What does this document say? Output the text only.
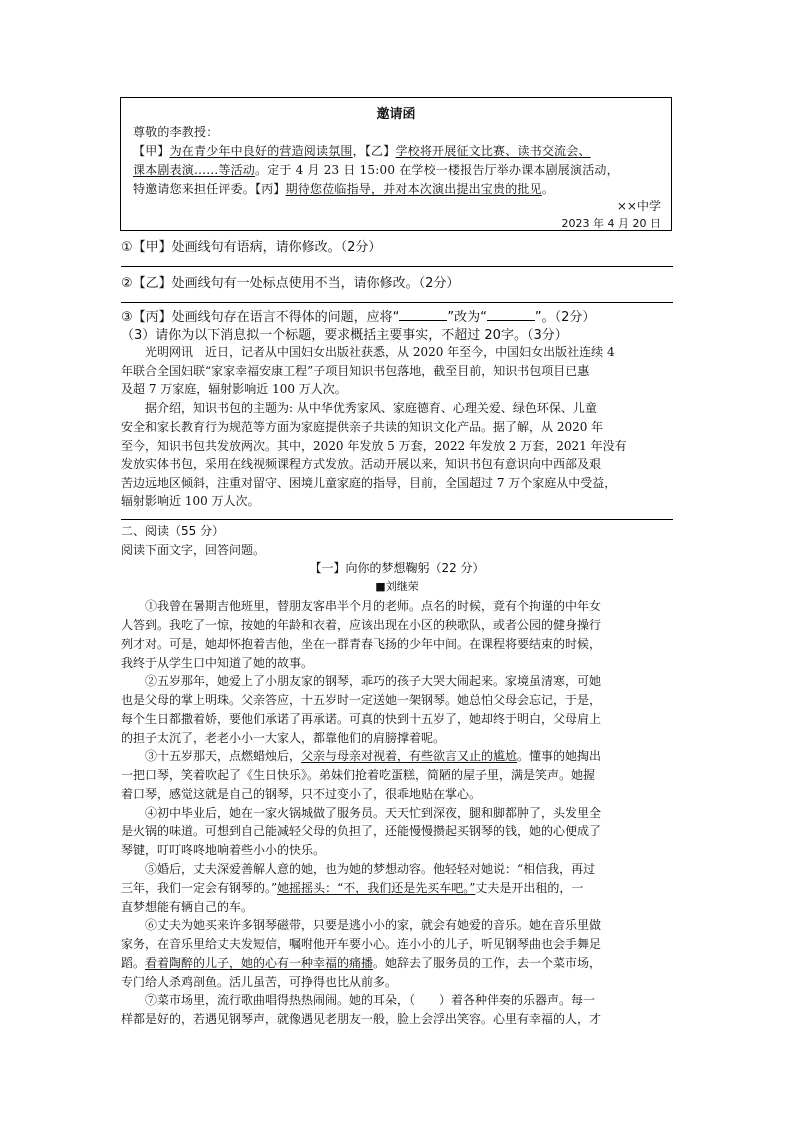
邀请函
尊敬的李教授：
【甲】为在青少年中良好的营造阅读氛围，【乙】学校将开展征文比赛、读书交流会、
课本剧表演……等活动。定于 4 月 23 日 15:00 在学校一楼报告厅举办课本剧展演活动，
特邀请您来担任评委。【丙】期待您莅临指导，并对本次演出提出宝贵的批见。
××中学
2023 年 4 月 20 日
①【甲】处画线句有语病，请你修改。（2分）
②【乙】处画线句有一处标点使用不当，请你修改。（2分）
③【丙】处画线句存在语言不得体的问题，应将“	”改为“	”。（2分）
（3）请你为以下消息拟一个标题，要求概括主要事实，不超过 20字。（3分）
光明网讯　近日，记者从中国妇女出版社获悉，从 2020 年至今，中国妇女出版社连续 4
年联合全国妇联“家家幸福安康工程”子项目知识书包落地，截至目前，知识书包项目已惠
及超 7 万家庭，辐射影响近 100 万人次。
据介绍，知识书包的主题为: 从中华优秀家风、家庭德育、心理关爱、绿色环保、儿童
安全和家长教育行为规范等方面为家庭提供亲子共读的知识文化产品。据了解，从 2020 年
至今，知识书包共发放两次。其中，2020 年发放 5 万套，2022 年发放 2 万套，2021 年没有
发放实体书包，采用在线视频课程方式发放。活动开展以来，知识书包有意识向中西部及艰
苦边远地区倾斜，注重对留守、困境儿童家庭的指导，目前，全国超过 7 万个家庭从中受益，
辐射影响近 100 万人次。
二、阅读（55 分）
阅读下面文字，回答问题。
【一】向你的梦想鞠躬（22 分）
■刘继荣
①我曾在暑期吉他班里，替朋友客串半个月的老师。点名的时候，竟有个拘谨的中年女
人答到。我吃了一惊，按她的年龄和衣着，应该出现在小区的秧歌队，或者公园的健身操行
列才对。可是，她却怀抱着吉他，坐在一群青春飞扬的少年中间。在课程将要结束的时候，
我终于从学生口中知道了她的故事。
②五岁那年，她爱上了小朋友家的钢琴，乖巧的孩子大哭大闹起来。家境虽清寒，可她
也是父母的掌上明珠。父亲答应，十五岁时一定送她一架钢琴。她总怕父母会忘记，于是，
每个生日都撒着娇，要他们承诺了再承诺。可真的快到十五岁了，她却终于明白，父母肩上
的担子太沉了，老老小小一大家人，都靠他们的肩膀撑着呢。
③十五岁那天，点燃蜡烛后，父亲与母亲对视着，有些欲言又止的尴尬。懂事的她掏出
一把口琴，笑着吹起了《生日快乐》。弟妹们抢着吃蛋糕，简陋的屋子里，满是笑声。她握
着口琴，感觉这就是自己的钢琴，只不过变小了，很乖地贴在掌心。
④初中毕业后，她在一家火锅城做了服务员。天天忙到深夜，腿和脚都肿了，头发里全
是火锅的味道。可想到自己能减轻父母的负担了，还能慢慢攒起买钢琴的钱，她的心便成了
琴键，叮叮咚咚地响着些小小的快乐。
⑤婚后，丈夫深爱善解人意的她，也为她的梦想动容。他轻轻对她说：“相信我，再过
三年，我们一定会有钢琴的。”她摇摇头：“不，我们还是先买车吧。”丈夫是开出租的，一
直梦想能有辆自己的车。
⑥丈夫为她买来许多钢琴磁带，只要是逃小小的家，就会有她爱的音乐。她在音乐里做
家务，在音乐里给丈夫发短信，嘱咐他开车要小心。连小小的儿子，听见钢琴曲也会手舞足
蹈。看着陶醉的儿子，她的心有一种幸福的痛播。她辞去了服务员的工作，去一个菜市场，
专门给人杀鸡剖鱼。活儿虽苦，可挣得也比从前多。
⑦菜市场里，流行歌曲唱得热热闹闹。她的耳朵，（　　）着各种伴奏的乐器声。每一
样都是好的，若遇见钢琴声，就像遇见老朋友一般，脸上会浮出笑容。心里有幸福的人，才
